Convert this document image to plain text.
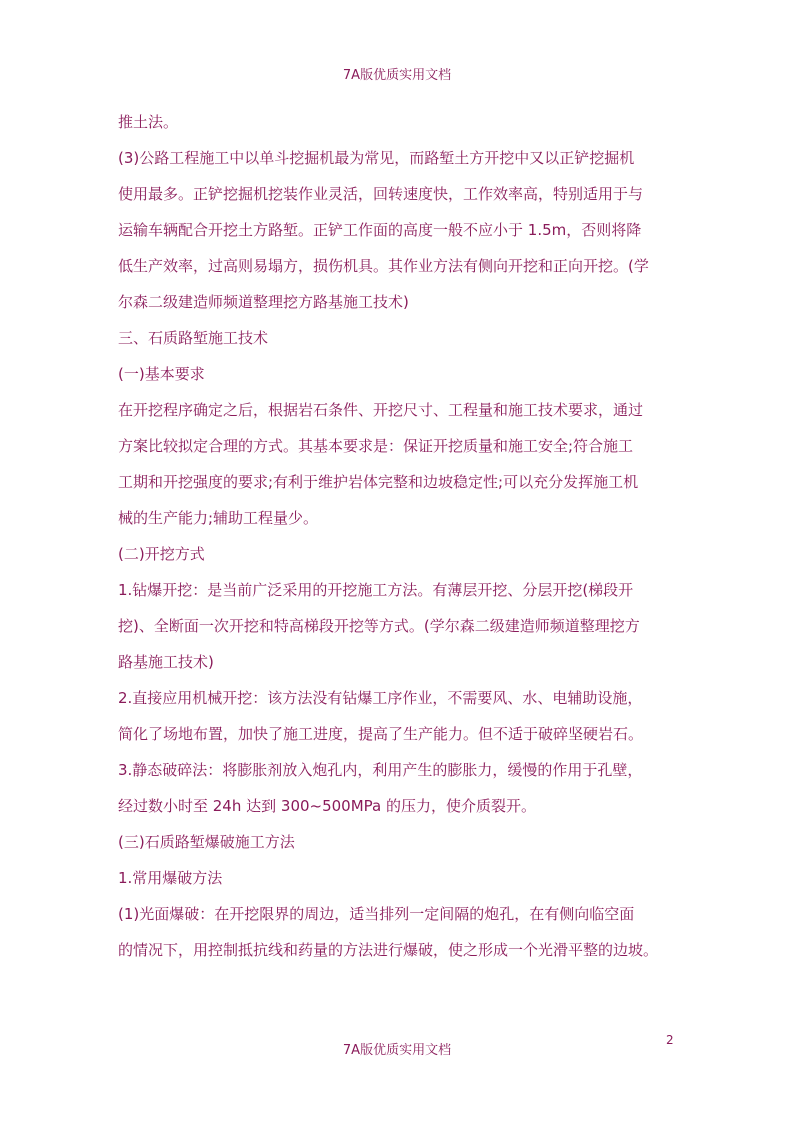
7A版优质实用文档
推土法。
(3)公路工程施工中以单斗挖掘机最为常见，而路堑土方开挖中又以正铲挖掘机
使用最多。正铲挖掘机挖装作业灵活，回转速度快，工作效率高，特别适用于与
运输车辆配合开挖土方路堑。正铲工作面的高度一般不应小于 1.5m，否则将降
低生产效率，过高则易塌方，损伤机具。其作业方法有侧向开挖和正向开挖。(学
尔森二级建造师频道整理挖方路基施工技术)
三、石质路堑施工技术
(一)基本要求
在开挖程序确定之后，根据岩石条件、开挖尺寸、工程量和施工技术要求，通过
方案比较拟定合理的方式。其基本要求是：保证开挖质量和施工安全;符合施工
工期和开挖强度的要求;有利于维护岩体完整和边坡稳定性;可以充分发挥施工机
械的生产能力;辅助工程量少。
(二)开挖方式
1.钻爆开挖：是当前广泛采用的开挖施工方法。有薄层开挖、分层开挖(梯段开
挖)、全断面一次开挖和特高梯段开挖等方式。(学尔森二级建造师频道整理挖方
路基施工技术)
2.直接应用机械开挖：该方法没有钻爆工序作业，不需要风、水、电辅助设施，
简化了场地布置，加快了施工进度，提高了生产能力。但不适于破碎坚硬岩石。
3.静态破碎法：将膨胀剂放入炮孔内，利用产生的膨胀力，缓慢的作用于孔壁，
经过数小时至 24h 达到 300~500MPa 的压力，使介质裂开。
(三)石质路堑爆破施工方法
1.常用爆破方法
(1)光面爆破：在开挖限界的周边，适当排列一定间隔的炮孔，在有侧向临空面
的情况下，用控制抵抗线和药量的方法进行爆破，使之形成一个光滑平整的边坡。
2
7A版优质实用文档
